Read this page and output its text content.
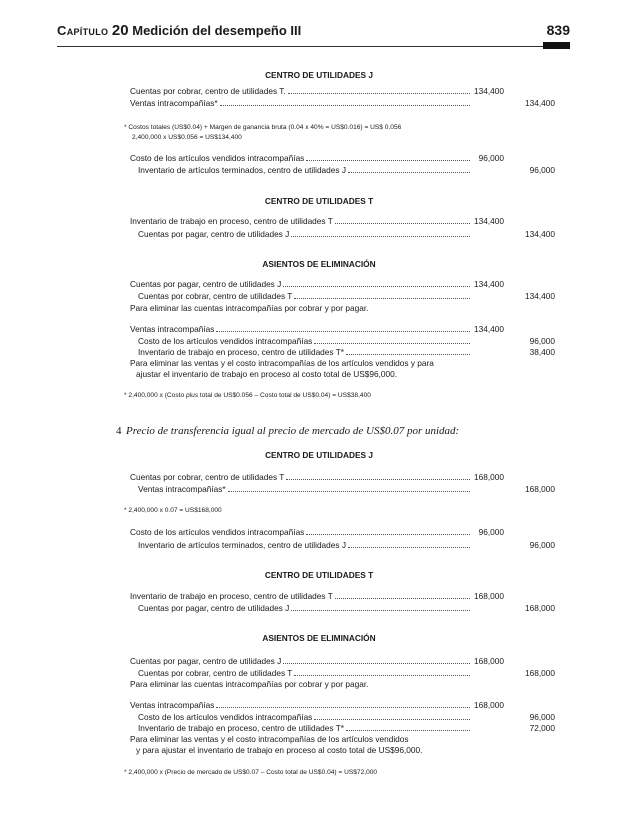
Capítulo 20 Medición del desempeño III	839
CENTRO DE UTILIDADES J
Cuentas por cobrar, centro de utilidades T.	134,400
Ventas intracompañías*	134,400
* Costos totales (US$0.04) + Margen de ganancia bruta (0.04 x 40% = US$0.016) = US$ 0.056
2,400,000 x US$0.056 = US$134,400
Costo de los artículos vendidos intracompañías	96,000
Inventario de artículos terminados, centro de utilidades J	96,000
CENTRO DE UTILIDADES T
Inventario de trabajo en proceso, centro de utilidades T	134,400
Cuentas por pagar, centro de utilidades J	134,400
ASIENTOS DE ELIMINACIÓN
Cuentas por pagar, centro de utilidades J	134,400
Cuentas por cobrar, centro de utilidades T	134,400
Para eliminar las cuentas intracompañías por cobrar y por pagar.
Ventas intracompañías	134,400
Costo de los artículos vendidos intracompañías	96,000
Inventario de trabajo en proceso, centro de utilidades T*	38,400
Para eliminar las ventas y el costo intracompañías de los artículos vendidos y para
ajustar el inventario de trabajo en proceso al costo total de US$96,000.
* 2,400,000 x (Costo plus total de US$0.056 – Costo total de US$0.04) = US$38,400
4 Precio de transferencia igual al precio de mercado de US$0.07 por unidad:
CENTRO DE UTILIDADES J
Cuentas por cobrar, centro de utilidades T	168,000
Ventas intracompañías*	168,000
* 2,400,000 x 0.07 = US$168,000
Costo de los artículos vendidos intracompañías	96,000
Inventario de artículos terminados, centro de utilidades J	96,000
CENTRO DE UTILIDADES T
Inventario de trabajo en proceso, centro de utilidades T	168,000
Cuentas por pagar, centro de utilidades J	168,000
ASIENTOS DE ELIMINACIÓN
Cuentas por pagar, centro de utilidades J	168,000
Cuentas por cobrar, centro de utilidades T	168,000
Para eliminar las cuentas intracompañías por cobrar y por pagar.
Ventas intracompañías	168,000
Costo de los artículos vendidos intracompañías	96,000
Inventario de trabajo en proceso, centro de utilidades T*	72,000
Para eliminar las ventas y el costo intracompañías de los artículos vendidos
y para ajustar el inventario de trabajo en proceso al costo total de US$96,000.
* 2,400,000 x (Precio de mercado de US$0.07 – Costo total de US$0.04) = US$72,000
